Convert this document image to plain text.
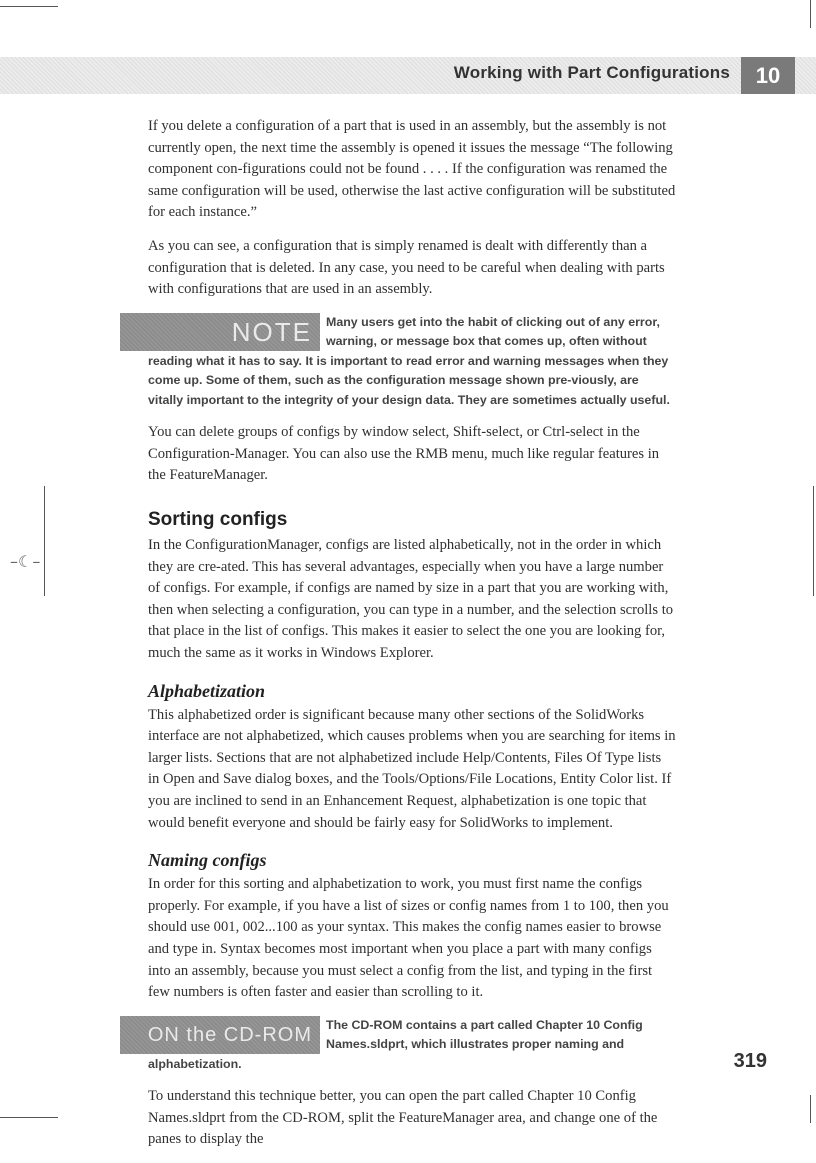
–⁠☾⁠–
Working with Part Configurations	10

If you delete a configuration of a part that is used in an assembly, but the assembly is not currently open, the next time the assembly is opened it issues the message “The following component con-figurations could not be found . . . . If the configuration was renamed the same configuration will be used, otherwise the last active configuration will be substituted for each instance.”

As you can see, a configuration that is simply renamed is dealt with differently than a configuration that is deleted. In any case, you need to be careful when dealing with parts with configurations that are used in an assembly.

NOTE	Many users get into the habit of clicking out of any error, warning, or message box that comes up, often without reading what it has to say. It is important to read error and warning messages when they come up. Some of them, such as the configuration message shown pre-viously, are vitally important to the integrity of your design data. They are sometimes actually useful.

You can delete groups of configs by window select, Shift-select, or Ctrl-select in the Configuration-Manager. You can also use the RMB menu, much like regular features in the FeatureManager.

Sorting configs

In the ConfigurationManager, configs are listed alphabetically, not in the order in which they are cre-ated. This has several advantages, especially when you have a large number of configs. For example, if configs are named by size in a part that you are working with, then when selecting a configuration, you can type in a number, and the selection scrolls to that place in the list of configs. This makes it easier to select the one you are looking for, much the same as it works in Windows Explorer.

Alphabetization

This alphabetized order is significant because many other sections of the SolidWorks interface are not alphabetized, which causes problems when you are searching for items in larger lists. Sections that are not alphabetized include Help/Contents, Files Of Type lists in Open and Save dialog boxes, and the Tools/Options/File Locations, Entity Color list. If you are inclined to send in an Enhancement Request, alphabetization is one topic that would benefit everyone and should be fairly easy for SolidWorks to implement.

Naming configs

In order for this sorting and alphabetization to work, you must first name the configs properly. For example, if you have a list of sizes or config names from 1 to 100, then you should use 001, 002...100 as your syntax. This makes the config names easier to browse and type in. Syntax becomes most important when you place a part with many configs into an assembly, because you must select a config from the list, and typing in the first few numbers is often faster and easier than scrolling to it.

ON the CD-ROM	The CD-ROM contains a part called Chapter 10 Config Names.sldprt, which illustrates proper naming and alphabetization.

To understand this technique better, you can open the part called Chapter 10 Config Names.sldprt from the CD-ROM, split the FeatureManager area, and change one of the panes to display the

319
